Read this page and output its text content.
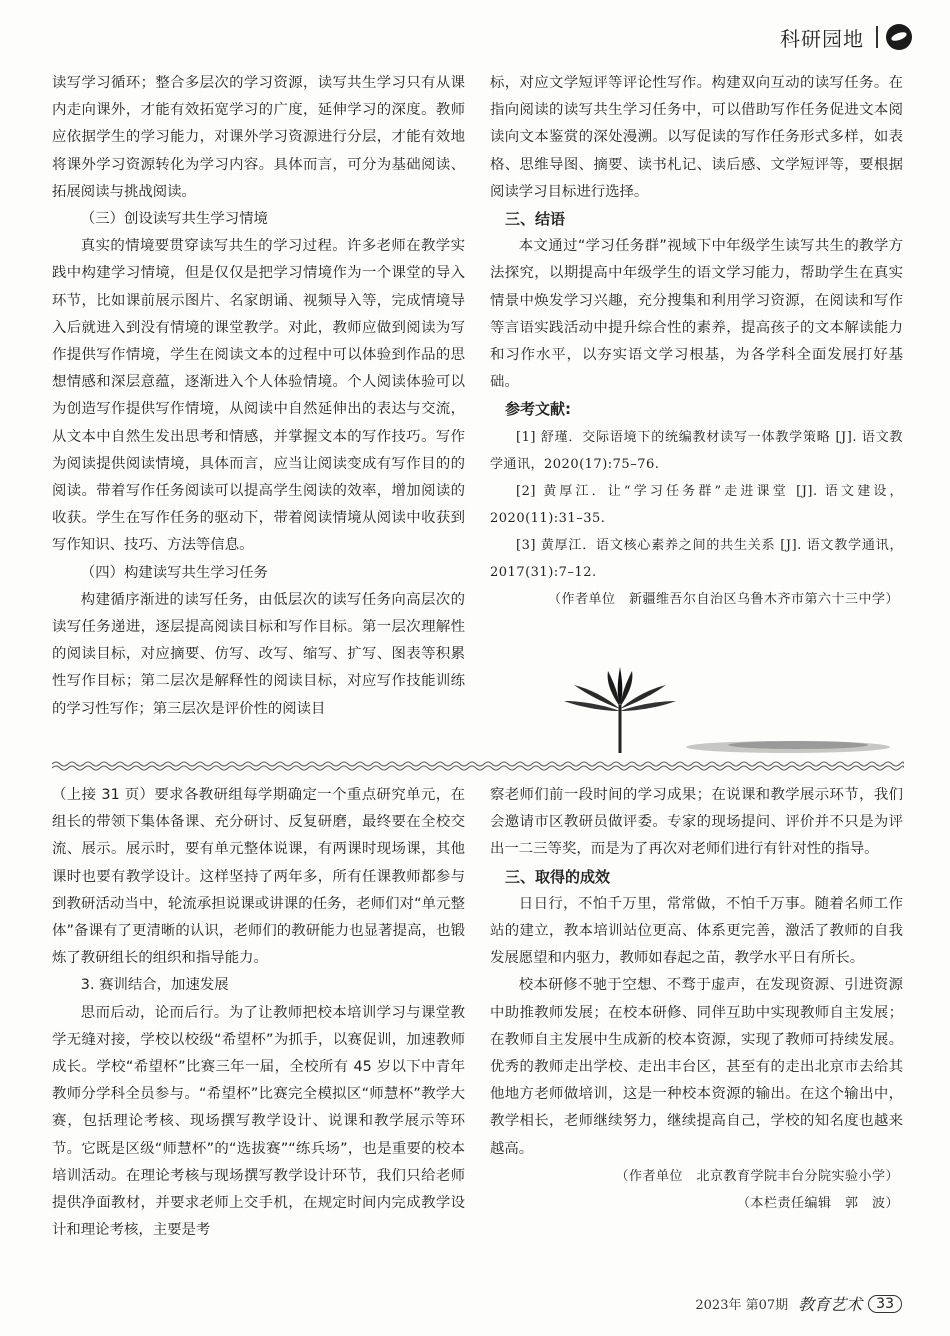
科研园地

读写学习循环；整合多层次的学习资源，读写共生学习只有从课内走向课外，才能有效拓宽学习的广度，延伸学习的深度。教师应依据学生的学习能力，对课外学习资源进行分层，才能有效地将课外学习资源转化为学习内容。具体而言，可分为基础阅读、拓展阅读与挑战阅读。

（三）创设读写共生学习情境

真实的情境要贯穿读写共生的学习过程。许多老师在教学实践中构建学习情境，但是仅仅是把学习情境作为一个课堂的导入环节，比如课前展示图片、名家朗诵、视频导入等，完成情境导入后就进入到没有情境的课堂教学。对此，教师应做到阅读为写作提供写作情境，学生在阅读文本的过程中可以体验到作品的思想情感和深层意蕴，逐渐进入个人体验情境。个人阅读体验可以为创造写作提供写作情境，从阅读中自然延伸出的表达与交流，从文本中自然生发出思考和情感，并掌握文本的写作技巧。写作为阅读提供阅读情境，具体而言，应当让阅读变成有写作目的的阅读。带着写作任务阅读可以提高学生阅读的效率，增加阅读的收获。学生在写作任务的驱动下，带着阅读情境从阅读中收获到写作知识、技巧、方法等信息。

（四）构建读写共生学习任务

构建循序渐进的读写任务，由低层次的读写任务向高层次的读写任务递进，逐层提高阅读目标和写作目标。第一层次理解性的阅读目标，对应摘要、仿写、改写、缩写、扩写、图表等积累性写作目标；第二层次是解释性的阅读目标，对应写作技能训练的学习性写作；第三层次是评价性的阅读目

标，对应文学短评等评论性写作。构建双向互动的读写任务。在指向阅读的读写共生学习任务中，可以借助写作任务促进文本阅读向文本鉴赏的深处漫溯。以写促读的写作任务形式多样，如表格、思维导图、摘要、读书札记、读后感、文学短评等，要根据阅读学习目标进行选择。

三、结语

本文通过“学习任务群”视域下中年级学生读写共生的教学方法探究，以期提高中年级学生的语文学习能力，帮助学生在真实情景中焕发学习兴趣，充分搜集和利用学习资源，在阅读和写作等言语实践活动中提升综合性的素养，提高孩子的文本解读能力和习作水平，以夯实语文学习根基，为各学科全面发展打好基础。

参考文献:

[1] 舒瑾．交际语境下的统编教材读写一体教学策略 [J]. 语文教学通讯，2020(17):75–76.

[2] 黄厚江．让“学习任务群”走进课堂 [J]. 语文建设，2020(11):31–35.

[3] 黄厚江．语文核心素养之间的共生关系 [J]. 语文教学通讯，2017(31):7–12.

（作者单位　新疆维吾尔自治区乌鲁木齐市第六十三中学）

（上接 31 页）要求各教研组每学期确定一个重点研究单元，在组长的带领下集体备课、充分研讨、反复研磨，最终要在全校交流、展示。展示时，要有单元整体说课，有两课时现场课，其他课时也要有教学设计。这样坚持了两年多，所有任课教师都参与到教研活动当中，轮流承担说课或讲课的任务，老师们对“单元整体”备课有了更清晰的认识，老师们的教研能力也显著提高，也锻炼了教研组长的组织和指导能力。

3. 赛训结合，加速发展

思而后动，论而后行。为了让教师把校本培训学习与课堂教学无缝对接，学校以校级“希望杯”为抓手，以赛促训，加速教师成长。学校“希望杯”比赛三年一届，全校所有 45 岁以下中青年教师分学科全员参与。“希望杯”比赛完全模拟区“师慧杯”教学大赛，包括理论考核、现场撰写教学设计、说课和教学展示等环节。它既是区级“师慧杯”的“选拔赛”“练兵场”，也是重要的校本培训活动。在理论考核与现场撰写教学设计环节，我们只给老师提供净面教材，并要求老师上交手机，在规定时间内完成教学设计和理论考核，主要是考

察老师们前一段时间的学习成果；在说课和教学展示环节，我们会邀请市区教研员做评委。专家的现场提问、评价并不只是为评出一二三等奖，而是为了再次对老师们进行有针对性的指导。

三、取得的成效

日日行，不怕千万里，常常做，不怕千万事。随着名师工作站的建立，教本培训站位更高、体系更完善，激活了教师的自我发展愿望和内驱力，教师如春起之苗，教学水平日有所长。

校本研修不驰于空想、不骛于虚声，在发现资源、引进资源中助推教师发展；在校本研修、同伴互助中实现教师自主发展；在教师自主发展中生成新的校本资源，实现了教师可持续发展。优秀的教师走出学校、走出丰台区，甚至有的走出北京市去给其他地方老师做培训，这是一种校本资源的输出。在这个输出中，教学相长，老师继续努力，继续提高自己，学校的知名度也越来越高。

（作者单位　北京教育学院丰台分院实验小学）

（本栏责任编辑　郭　波）

2023年 第07期 教育艺术	33
